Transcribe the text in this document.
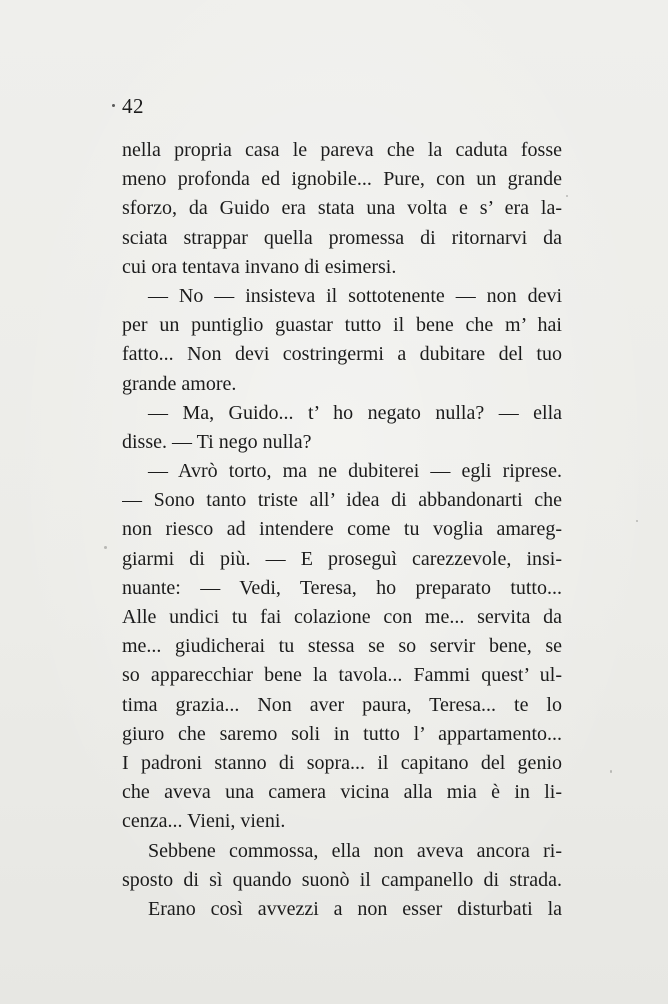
42
nella propria casa le pareva che la caduta fosse
meno profonda ed ignobile... Pure, con un grande
sforzo, da Guido era stata una volta e s’ era la-
sciata strappar quella promessa di ritornarvi da
cui ora tentava invano di esimersi.
— No — insisteva il sottotenente — non devi
per un puntiglio guastar tutto il bene che m’ hai
fatto... Non devi costringermi a dubitare del tuo
grande amore.
— Ma, Guido... t’ ho negato nulla? — ella
disse. — Ti nego nulla?
— Avrò torto, ma ne dubiterei — egli riprese.
— Sono tanto triste all’ idea di abbandonarti che
non riesco ad intendere come tu voglia amareg-
giarmi di più. — E proseguì carezzevole, insi-
nuante: — Vedi, Teresa, ho preparato tutto...
Alle undici tu fai colazione con me... servita da
me... giudicherai tu stessa se so servir bene, se
so apparecchiar bene la tavola... Fammi quest’ ul-
tima grazia... Non aver paura, Teresa... te lo
giuro che saremo soli in tutto l’ appartamento...
I padroni stanno di sopra... il capitano del genio
che aveva una camera vicina alla mia è in li-
cenza... Vieni, vieni.
Sebbene commossa, ella non aveva ancora ri-
sposto di sì quando suonò il campanello di strada.
Erano così avvezzi a non esser disturbati la
